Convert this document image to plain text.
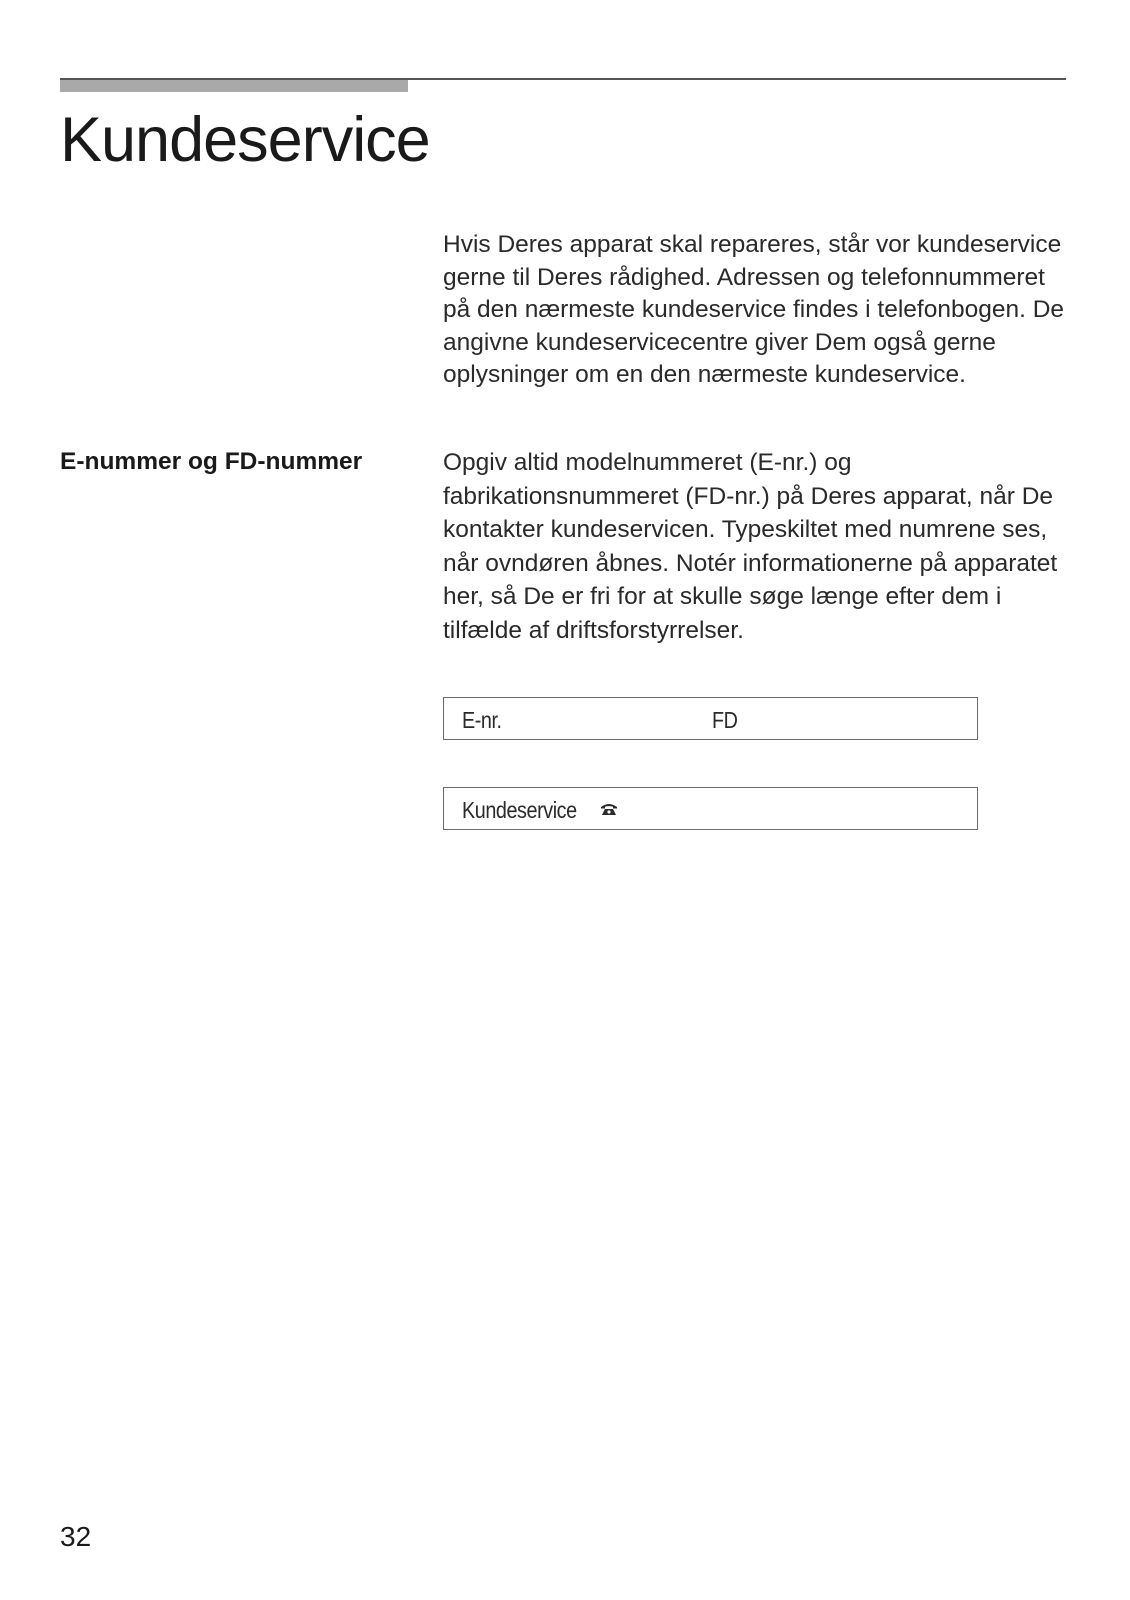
Kundeservice

Hvis Deres apparat skal repareres, står vor kundeservice gerne til Deres rådighed. Adressen og telefonnummeret på den nærmeste kundeservice findes i telefonbogen. De angivne kundeservicecentre giver Dem også gerne oplysninger om en den nærmeste kundeservice.

E-nummer og FD-nummer	Opgiv altid modelnummeret (E-nr.) og fabrikationsnummeret (FD-nr.) på Deres apparat, når De kontakter kundeservicen. Typeskiltet med numrene ses, når ovndøren åbnes. Notér informationerne på apparatet her, så De er fri for at skulle søge længe efter dem i tilfælde af driftsforstyrrelser.

E-nr.	FD
Kundeservice

32
